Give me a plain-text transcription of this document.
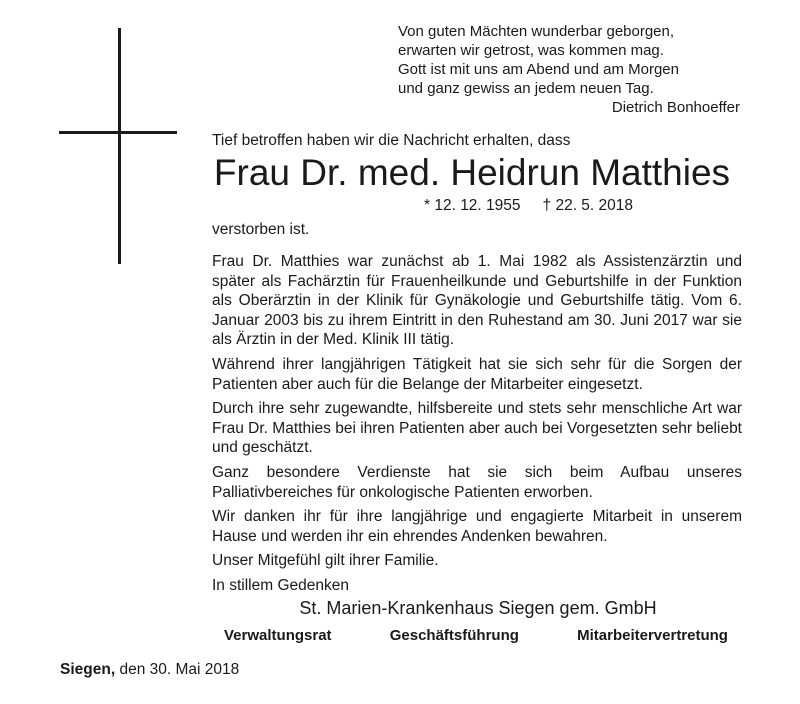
Von guten Mächten wunderbar geborgen,
erwarten wir getrost, was kommen mag.
Gott ist mit uns am Abend und am Morgen
und ganz gewiss an jedem neuen Tag.
Dietrich Bonhoeffer
Tief betroffen haben wir die Nachricht erhalten, dass
Frau Dr. med. Heidrun Matthies
* 12. 12. 1955 † 22. 5. 2018
verstorben ist.
Frau Dr. Matthies war zunächst ab 1. Mai 1982 als Assistenzärztin und später als Fachärztin für Frauenheilkunde und Geburtshilfe in der Funktion als Oberärztin in der Klinik für Gynäkologie und Geburtshilfe tätig. Vom 6. Januar 2003 bis zu ihrem Eintritt in den Ruhestand am 30. Juni 2017 war sie als Ärztin in der Med. Klinik III tätig.
Während ihrer langjährigen Tätigkeit hat sie sich sehr für die Sorgen der Patienten aber auch für die Belange der Mitarbeiter eingesetzt.
Durch ihre sehr zugewandte, hilfsbereite und stets sehr menschliche Art war Frau Dr. Matthies bei ihren Patienten aber auch bei Vorgesetzten sehr beliebt und geschätzt.
Ganz besondere Verdienste hat sie sich beim Aufbau unseres Palliativbereiches für onkologische Patienten erworben.
Wir danken ihr für ihre langjährige und engagierte Mitarbeit in unserem Hause und werden ihr ein ehrendes Andenken bewahren.
Unser Mitgefühl gilt ihrer Familie.
In stillem Gedenken
St. Marien-Krankenhaus Siegen gem. GmbH
Verwaltungsrat	Geschäftsführung	Mitarbeitervertretung
Siegen, den 30. Mai 2018
